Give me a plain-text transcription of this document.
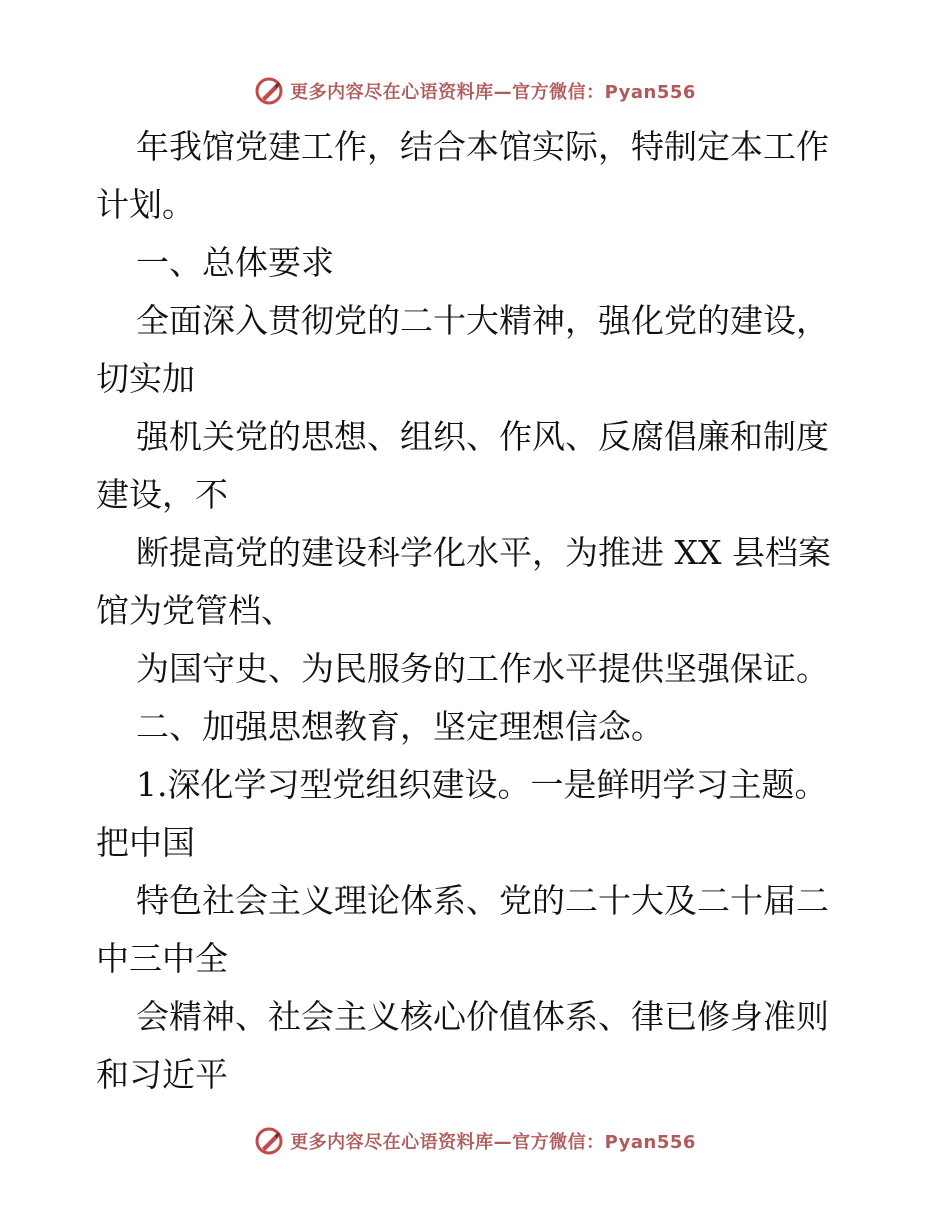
更多内容尽在心语资料库—官方微信：Pyan556
年我馆党建工作，结合本馆实际，特制定本工作
计划。
一、总体要求
全面深入贯彻党的二十大精神，强化党的建设，
切实加
强机关党的思想、组织、作风、反腐倡廉和制度
建设，不
断提高党的建设科学化水平，为推进 XX 县档案
馆为党管档、
为国守史、为民服务的工作水平提供坚强保证。
二、加强思想教育，坚定理想信念。
1.深化学习型党组织建设。一是鲜明学习主题。
把中国
特色社会主义理论体系、党的二十大及二十届二
中三中全
会精神、社会主义核心价值体系、律已修身准则
和习近平
更多内容尽在心语资料库—官方微信：Pyan556
